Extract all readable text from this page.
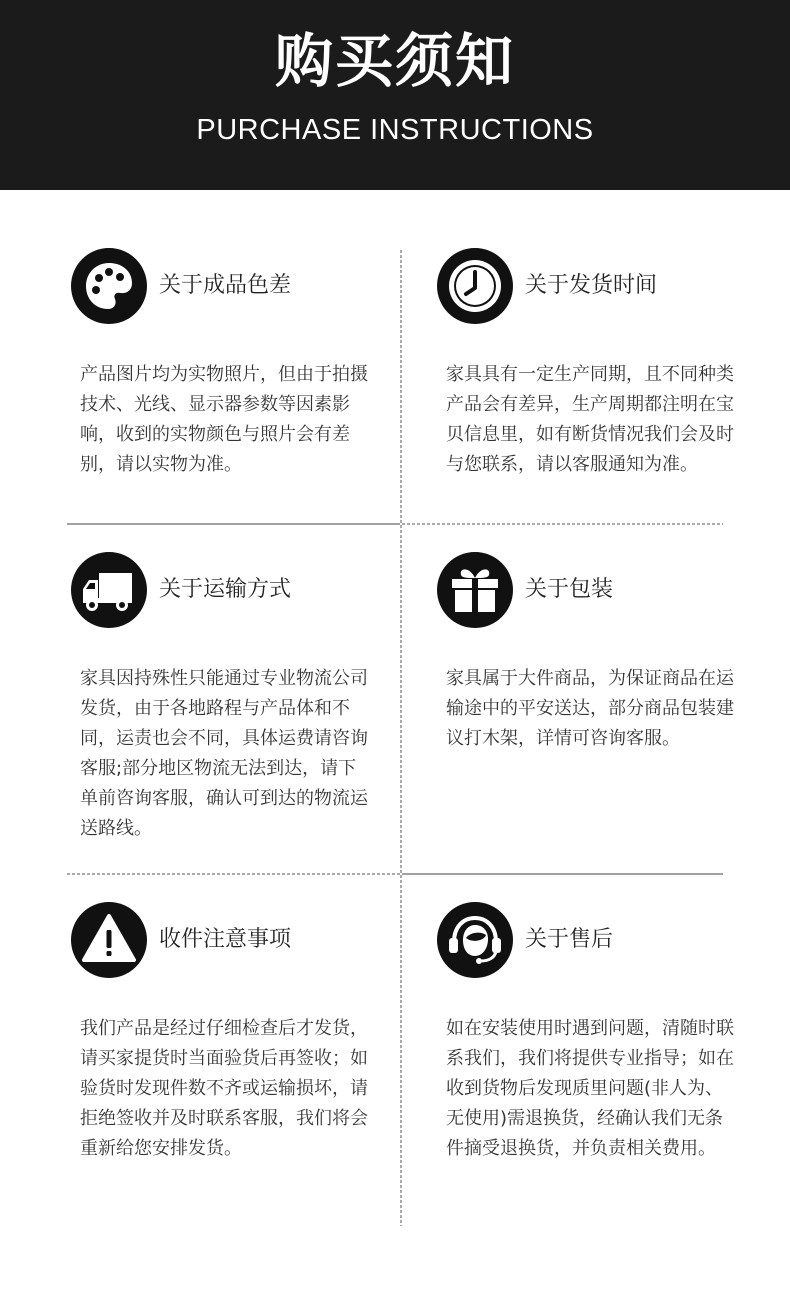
购买须知
PURCHASE INSTRUCTIONS
关于成品色差
产品图片均为实物照片，但由于拍摄技术、光线、显示器参数等因素影响，收到的实物颜色与照片会有差别，请以实物为准。
关于发货时间
家具具有一定生产同期，且不同种类产品会有差异，生产周期都注明在宝贝信息里，如有断货情况我们会及时与您联系，请以客服通知为准。
关于运输方式
家具因持殊性只能通过专业物流公司发货，由于各地路程与产品体和不同，运责也会不同，具体运费请咨询客服;部分地区物流无法到达，请下单前咨询客服，确认可到达的物流运送路线。
关于包装
家具属于大件商品，为保证商品在运输途中的平安送达，部分商品包装建议打木架，详情可咨询客服。
收件注意事项
我们产品是经过仔细检查后才发货，请买家提货时当面验货后再签收；如验货时发现件数不齐或运输损坏，请拒绝签收并及时联系客服，我们将会重新给您安排发货。
关于售后
如在安装使用时遇到问题，清随时联系我们，我们将提供专业指导；如在收到货物后发现质里问题(非人为、无使用)需退换货，经确认我们无条件摘受退换货，并负责相关费用。
